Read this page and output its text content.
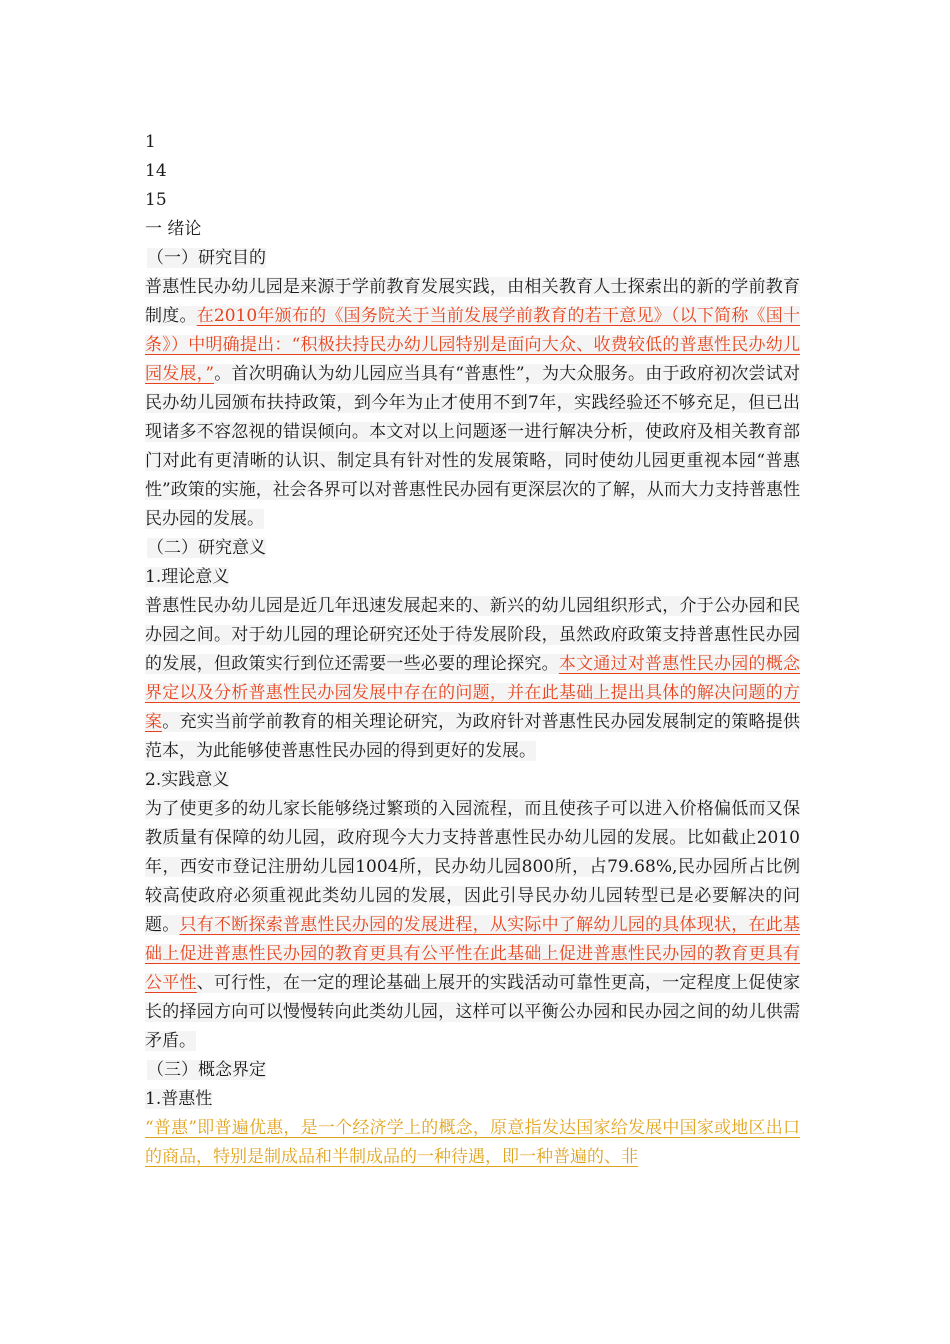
1
14
15
一 绪论
（一）研究目的
普惠性民办幼儿园是来源于学前教育发展实践，由相关教育人士探索出的新的学前教育制度。在2010年颁布的《国务院关于当前发展学前教育的若干意见》（以下简称《国十条》）中明确提出：“积极扶持民办幼儿园特别是面向大众、收费较低的普惠性民办幼儿园发展，”。首次明确认为幼儿园应当具有“普惠性”，为大众服务。由于政府初次尝试对民办幼儿园颁布扶持政策，到今年为止才使用不到7年，实践经验还不够充足，但已出现诸多不容忽视的错误倾向。本文对以上问题逐一进行解决分析，使政府及相关教育部门对此有更清晰的认识、制定具有针对性的发展策略，同时使幼儿园更重视本园“普惠性”政策的实施，社会各界可以对普惠性民办园有更深层次的了解，从而大力支持普惠性民办园的发展。
（二）研究意义
1.理论意义
普惠性民办幼儿园是近几年迅速发展起来的、新兴的幼儿园组织形式，介于公办园和民办园之间。对于幼儿园的理论研究还处于待发展阶段，虽然政府政策支持普惠性民办园的发展，但政策实行到位还需要一些必要的理论探究。本文通过对普惠性民办园的概念界定以及分析普惠性民办园发展中存在的问题，并在此基础上提出具体的解决问题的方案。充实当前学前教育的相关理论研究，为政府针对普惠性民办园发展制定的策略提供范本，为此能够使普惠性民办园的得到更好的发展。
2.实践意义
为了使更多的幼儿家长能够绕过繁琐的入园流程，而且使孩子可以进入价格偏低而又保教质量有保障的幼儿园，政府现今大力支持普惠性民办幼儿园的发展。比如截止2010年，西安市登记注册幼儿园1004所，民办幼儿园800所，占79.68%,民办园所占比例较高使政府必须重视此类幼儿园的发展，因此引导民办幼儿园转型已是必要解决的问题。只有不断探索普惠性民办园的发展进程，从实际中了解幼儿园的具体现状，在此基础上促进普惠性民办园的教育更具有公平性在此基础上促进普惠性民办园的教育更具有公平性、可行性，在一定的理论基础上展开的实践活动可靠性更高，一定程度上促使家长的择园方向可以慢慢转向此类幼儿园，这样可以平衡公办园和民办园之间的幼儿供需矛盾。
（三）概念界定
1.普惠性
“普惠”即普遍优惠，是一个经济学上的概念，原意指发达国家给发展中国家或地区出口的商品，特别是制成品和半制成品的一种待遇，即一种普遍的、非
